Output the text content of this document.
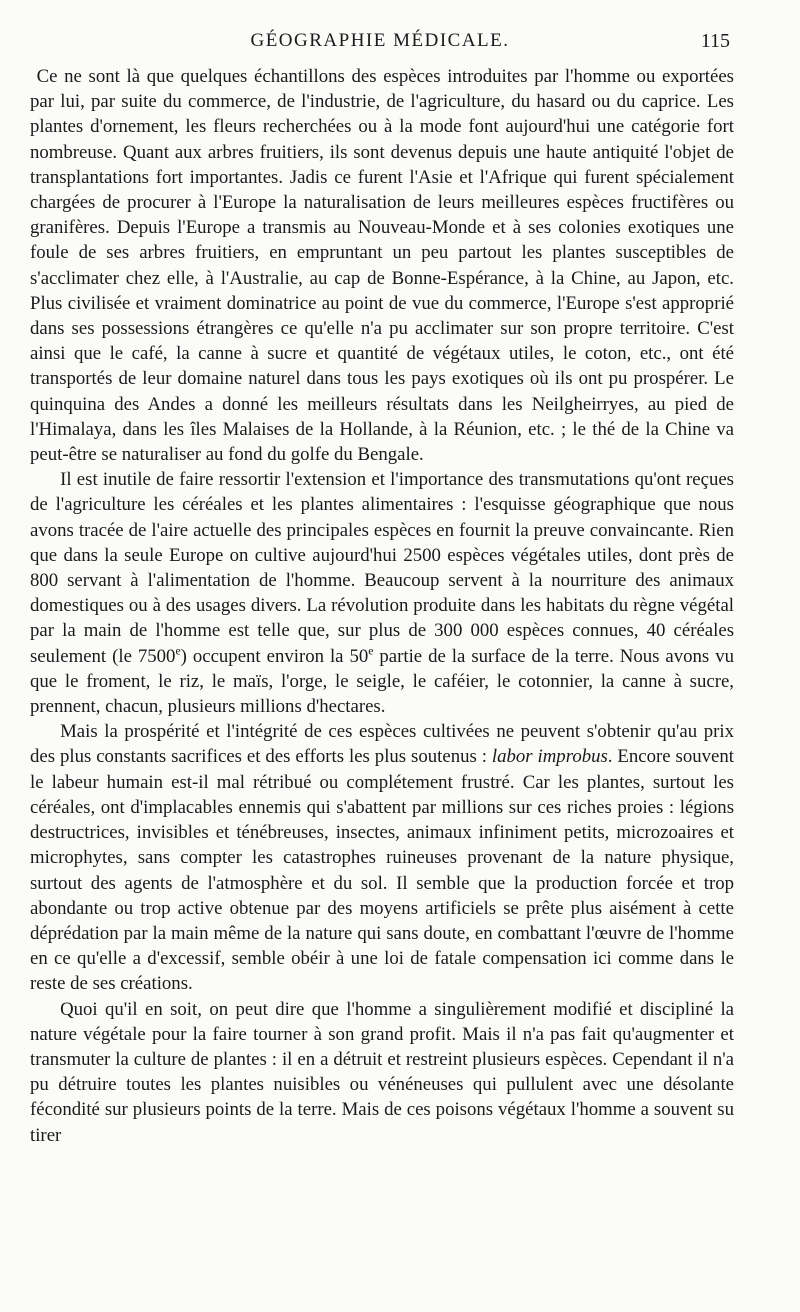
GÉOGRAPHIE MÉDICALE.	115

Ce ne sont là que quelques échantillons des espèces introduites par l'homme ou exportées par lui, par suite du commerce, de l'industrie, de l'agriculture, du hasard ou du caprice. Les plantes d'ornement, les fleurs recherchées ou à la mode font aujourd'hui une catégorie fort nombreuse. Quant aux arbres fruitiers, ils sont devenus depuis une haute antiquité l'objet de transplantations fort importantes. Jadis ce furent l'Asie et l'Afrique qui furent spécialement chargées de procurer à l'Europe la naturalisation de leurs meilleures espèces fructifères ou granifères. Depuis l'Europe a transmis au Nouveau-Monde et à ses colonies exotiques une foule de ses arbres fruitiers, en empruntant un peu partout les plantes susceptibles de s'acclimater chez elle, à l'Australie, au cap de Bonne-Espérance, à la Chine, au Japon, etc. Plus civilisée et vraiment dominatrice au point de vue du commerce, l'Europe s'est approprié dans ses possessions étrangères ce qu'elle n'a pu acclimater sur son propre territoire. C'est ainsi que le café, la canne à sucre et quantité de végétaux utiles, le coton, etc., ont été transportés de leur domaine naturel dans tous les pays exotiques où ils ont pu prospérer. Le quinquina des Andes a donné les meilleurs résultats dans les Neilgheirryes, au pied de l'Himalaya, dans les îles Malaises de la Hollande, à la Réunion, etc. ; le thé de la Chine va peut-être se naturaliser au fond du golfe du Bengale.

Il est inutile de faire ressortir l'extension et l'importance des transmutations qu'ont reçues de l'agriculture les céréales et les plantes alimentaires : l'esquisse géographique que nous avons tracée de l'aire actuelle des principales espèces en fournit la preuve convaincante. Rien que dans la seule Europe on cultive aujourd'hui 2500 espèces végétales utiles, dont près de 800 servant à l'alimentation de l'homme. Beaucoup servent à la nourriture des animaux domestiques ou à des usages divers. La révolution produite dans les habitats du règne végétal par la main de l'homme est telle que, sur plus de 300 000 espèces connues, 40 céréales seulement (le 7500e) occupent environ la 50e partie de la surface de la terre. Nous avons vu que le froment, le riz, le maïs, l'orge, le seigle, le caféier, le cotonnier, la canne à sucre, prennent, chacun, plusieurs millions d'hectares.

Mais la prospérité et l'intégrité de ces espèces cultivées ne peuvent s'obtenir qu'au prix des plus constants sacrifices et des efforts les plus soutenus : labor improbus. Encore souvent le labeur humain est-il mal rétribué ou complétement frustré. Car les plantes, surtout les céréales, ont d'implacables ennemis qui s'abattent par millions sur ces riches proies : légions destructrices, invisibles et ténébreuses, insectes, animaux infiniment petits, microzoaires et microphytes, sans compter les catastrophes ruineuses provenant de la nature physique, surtout des agents de l'atmosphère et du sol. Il semble que la production forcée et trop abondante ou trop active obtenue par des moyens artificiels se prête plus aisément à cette déprédation par la main même de la nature qui sans doute, en combattant l'œuvre de l'homme en ce qu'elle a d'excessif, semble obéir à une loi de fatale compensation ici comme dans le reste de ses créations.

Quoi qu'il en soit, on peut dire que l'homme a singulièrement modifié et discipliné la nature végétale pour la faire tourner à son grand profit. Mais il n'a pas fait qu'augmenter et transmuter la culture de plantes : il en a détruit et restreint plusieurs espèces. Cependant il n'a pu détruire toutes les plantes nuisibles ou vénéneuses qui pullulent avec une désolante fécondité sur plusieurs points de la terre. Mais de ces poisons végétaux l'homme a souvent su tirer
